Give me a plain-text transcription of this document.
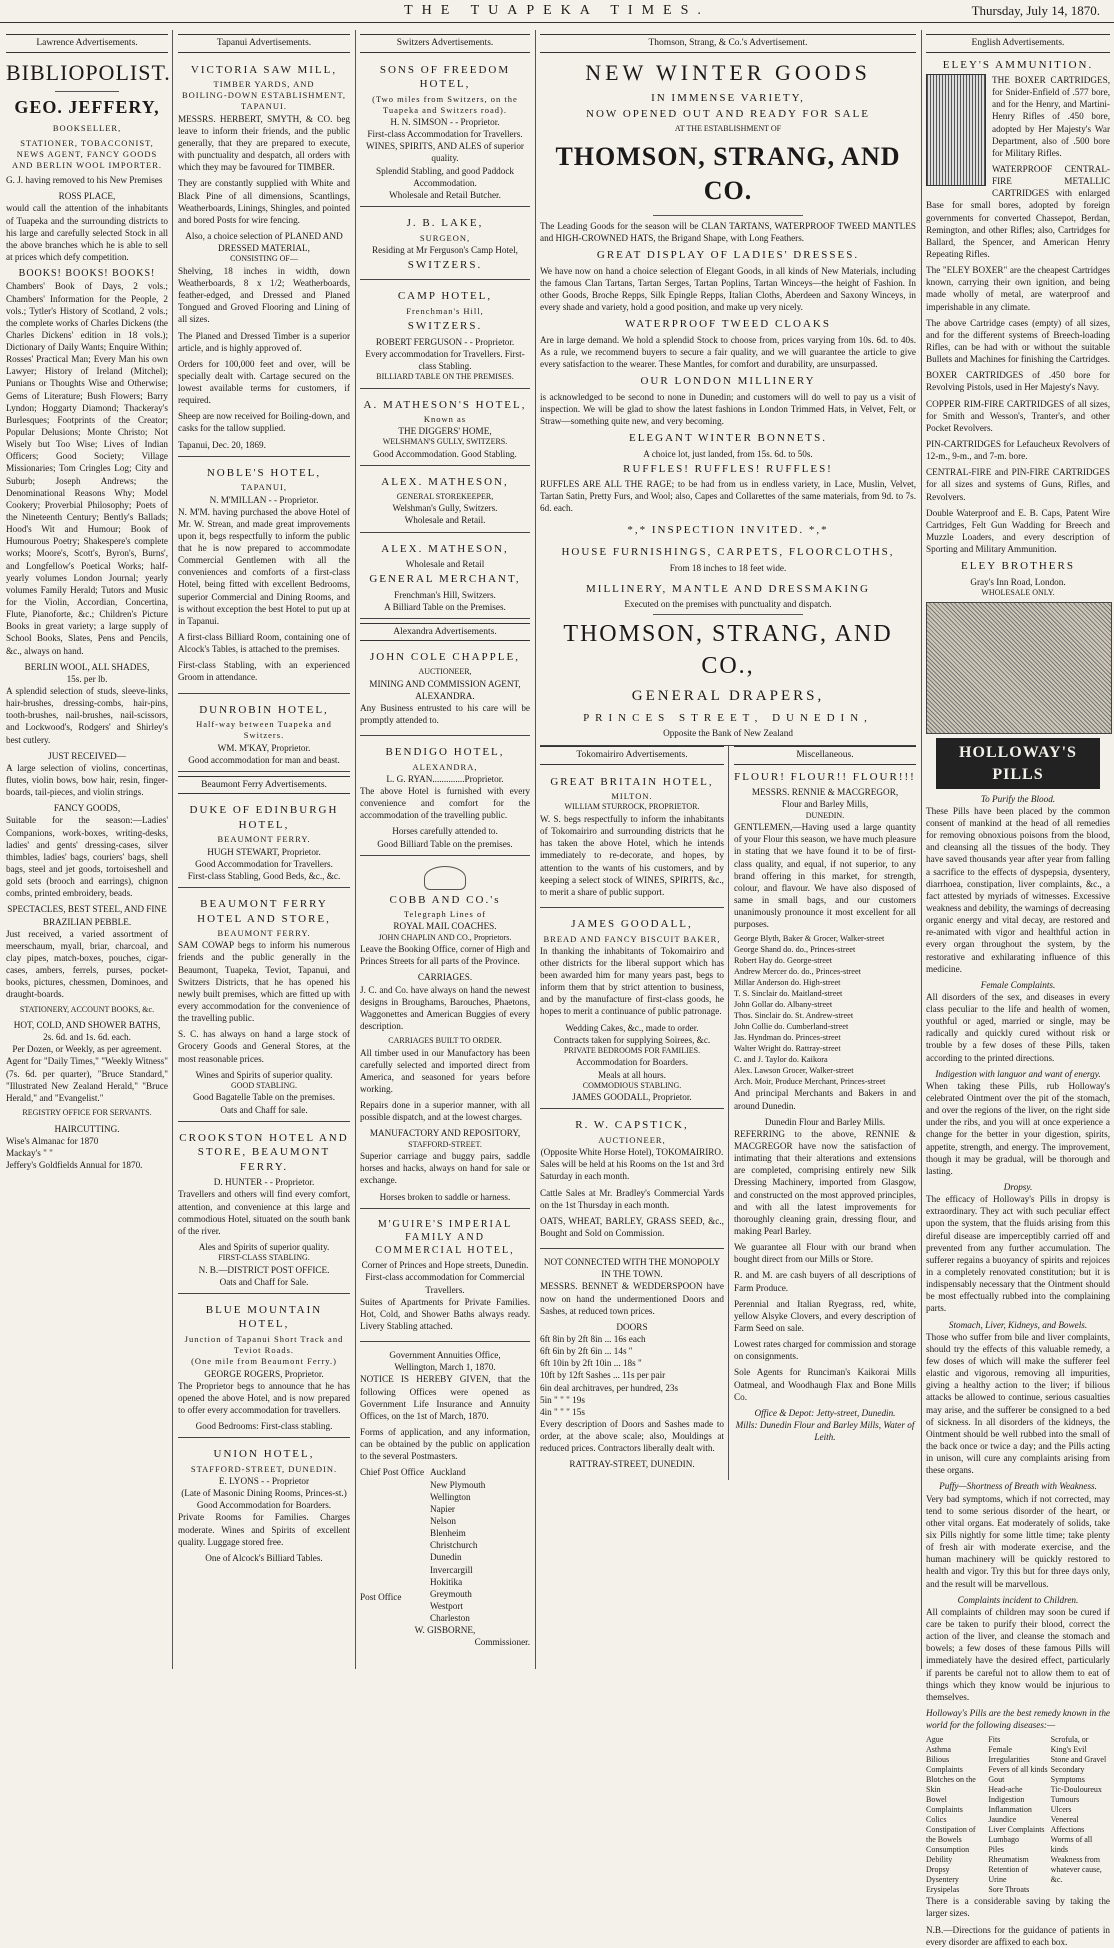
THE TUAPEKA TIMES.	Thursday, July 14, 1870.
Lawrence Advertisements.
BIBLIOPOLIST.
GEO. JEFFERY,
BOOKSELLER,
STATIONER, TOBACCONIST, NEWS AGENT, FANCY GOODS AND BERLIN WOOL IMPORTER.

G. J. having removed to his New Premises

ROSS PLACE,

would call the attention of the inhabitants of Tuapeka and the surrounding districts to his large and carefully selected Stock in all the above branches which he is able to sell at prices which defy competition.

BOOKS! BOOKS! BOOKS!

Chambers' Book of Days, 2 vols.; Chambers' Information for the People, 2 vols.; Tytler's History of Scotland, 2 vols.; the complete works of Charles Dickens (the Charles Dickens' edition in 18 vols.); Dictionary of Daily Wants; Enquire Within; Rosses' Practical Man; Every Man his own Lawyer; History of Ireland (Mitchel); Punians or Thoughts Wise and Otherwise; Gems of Literature; Bush Flowers; Barry Lyndon; Hoggarty Diamond; Thackeray's Burlesques; Footprints of the Creator; Popular Delusions; Monte Christo; Not Wisely but Too Wise; Lives of Indian Officers; Good Society; Village Missionaries; Tom Cringles Log; City and Suburb; Joseph Andrews; the Denominational Reasons Why; Model Cookery; Proverbial Philosophy; Poets of the Nineteenth Century; Bently's Ballads; Hood's Wit and Humour; Book of Humourous Poetry; Shakespere's complete works; Moore's, Scott's, Byron's, Burns', and Longfellow's Poetical Works; half-yearly volumes London Journal; yearly volumes Family Herald; Tutors and Music for the Violin, Accordian, Concertina, Flute, Pianoforte, &c.; Children's Picture Books in great variety; a large supply of School Books, Slates, Pens and Pencils, &c., always on hand.

BERLIN WOOL, ALL SHADES,
15s. per lb.

A splendid selection of studs, sleeve-links, hair-brushes, dressing-combs, hair-pins, tooth-brushes, nail-brushes, nail-scissors, and Lockwood's, Rodgers' and Shirley's best cutlery.

JUST RECEIVED—

A large selection of violins, concertinas, flutes, violin bows, bow hair, resin, finger-boards, tail-pieces, and violin strings.

FANCY GOODS,

Suitable for the season:—Ladies' Companions, work-boxes, writing-desks, ladies' and gents' dressing-cases, silver thimbles, ladies' bags, couriers' bags, shell bags, steel and jet goods, tortoiseshell and gold sets (brooch and earrings), chignon combs, printed embroidery, beads.

SPECTACLES, BEST STEEL, AND FINE BRAZILIAN PEBBLE.

Just received, a varied assortment of meerschaum, myall, briar, charcoal, and clay pipes, match-boxes, pouches, cigar-cases, ambers, ferrels, purses, pocket-books, pictures, chessmen, Dominoes, and draught-boards.

STATIONERY, ACCOUNT BOOKS, &c.
HOT, COLD, AND SHOWER BATHS,
2s. 6d. and 1s. 6d. each.
Per Dozen, or Weekly, as per agreement.

Agent for "Daily Times," "Weekly Witness" (7s. 6d. per quarter), "Bruce Standard," "Illustrated New Zealand Herald," "Bruce Herald," and "Evangelist."

REGISTRY OFFICE FOR SERVANTS.
HAIRCUTTING.
Wise's Almanac for 1870
Mackay's " "
Jeffery's Goldfields Annual for 1870.
Tapanui Advertisements.
VICTORIA SAW MILL,
TIMBER YARDS, AND
BOILING-DOWN ESTABLISHMENT, TAPANUI.

MESSRS. HERBERT, SMYTH, & CO. beg leave to inform their friends, and the public generally, that they are prepared to execute, with punctuality and despatch, all orders with which they may be favoured for TIMBER.

They are constantly supplied with White and Black Pine of all dimensions, Scantlings, Weatherboards, Linings, Shingles, and pointed and bored Posts for wire fencing.

Also, a choice selection of PLANED AND DRESSED MATERIAL,
CONSISTING OF—

Shelving, 18 inches in width, down Weatherboards, 8 x 1/2; Weatherboards, feather-edged, and Dressed and Planed Tongued and Groved Flooring and Lining of all sizes.

The Planed and Dressed Timber is a superior article, and is highly approved of.

Orders for 100,000 feet and over, will be specially dealt with. Cartage secured on the lowest available terms for customers, if required.

Sheep are now received for Boiling-down, and casks for the tallow supplied.

Tapanui, Dec. 20, 1869.
NOBLE'S HOTEL,
TAPANUI,
N. M'MILLAN - - Proprietor.

N. M'M. having purchased the above Hotel of Mr. W. Strean, and made great improvements upon it, begs respectfully to inform the public that he is now prepared to accommodate Commercial Gentlemen with all the conveniences and comforts of a first-class Hotel, being fitted with excellent Bedrooms, superior Commercial and Dining Rooms, and is without exception the best Hotel to put up at in Tapanui.

A first-class Billiard Room, containing one of Alcock's Tables, is attached to the premises.

First-class Stabling, with an experienced Groom in attendance.

DUNROBIN HOTEL,
Half-way between Tuapeka and Switzers.
WM. M'KAY, Proprietor.
Good accommodation for man and beast.
Beaumont Ferry Advertisements.
DUKE OF EDINBURGH HOTEL,
BEAUMONT FERRY.
HUGH STEWART, Proprietor.
Good Accommodation for Travellers.
First-class Stabling, Good Beds, &c., &c.
BEAUMONT FERRY HOTEL AND STORE,
BEAUMONT FERRY.

SAM COWAP begs to inform his numerous friends and the public generally in the Beaumont, Tuapeka, Teviot, Tapanui, and Switzers Districts, that he has opened his newly built premises, which are fitted up with every accommodation for the convenience of the travelling public.

S. C. has always on hand a large stock of Grocery Goods and General Stores, at the most reasonable prices.

Wines and Spirits of superior quality.
GOOD STABLING.
Good Bagatelle Table on the premises.
Oats and Chaff for sale.
CROOKSTON HOTEL AND STORE, BEAUMONT FERRY.
D. HUNTER - - Proprietor.

Travellers and others will find every comfort, attention, and convenience at this large and commodious Hotel, situated on the south bank of the river.

Ales and Spirits of superior quality.
FIRST-CLASS STABLING.
N. B.—DISTRICT POST OFFICE.
Oats and Chaff for Sale.
BLUE MOUNTAIN HOTEL,
Junction of Tapanui Short Track and Teviot Roads.
(One mile from Beaumont Ferry.)
GEORGE ROGERS, Proprietor.

The Proprietor begs to announce that he has opened the above Hotel, and is now prepared to offer every accommodation for travellers.

Good Bedrooms: First-class stabling.
UNION HOTEL,
STAFFORD-STREET, DUNEDIN.
E. LYONS - - Proprietor
(Late of Masonic Dining Rooms, Princes-st.)
Good Accommodation for Boarders.

Private Rooms for Families. Charges moderate. Wines and Spirits of excellent quality. Luggage stored free.

One of Alcock's Billiard Tables.
Switzers Advertisements.
SONS OF FREEDOM HOTEL,
(Two miles from Switzers, on the Tuapeka and Switzers road).
H. N. SIMSON - - Proprietor.
First-class Accommodation for Travellers.
WINES, SPIRITS, AND ALES of superior quality.
Splendid Stabling, and good Paddock Accommodation.
Wholesale and Retail Butcher.
J. B. LAKE,
SURGEON,
Residing at Mr Ferguson's Camp Hotel,
SWITZERS.
CAMP HOTEL,
Frenchman's Hill,
SWITZERS.
ROBERT FERGUSON - - Proprietor.
Every accommodation for Travellers. First-class Stabling.
BILLIARD TABLE ON THE PREMISES.
A. MATHESON'S HOTEL,
Known as
THE DIGGERS' HOME,
WELSHMAN'S GULLY, SWITZERS.
Good Accommodation. Good Stabling.
ALEX. MATHESON,
GENERAL STOREKEEPER,
Welshman's Gully, Switzers.
Wholesale and Retail.
ALEX. MATHESON,
Wholesale and Retail
GENERAL MERCHANT,
Frenchman's Hill, Switzers.
A Billiard Table on the Premises.
Alexandra Advertisements.
JOHN COLE CHAPPLE,
AUCTIONEER,
MINING AND COMMISSION AGENT,
ALEXANDRA.

Any Business entrusted to his care will be promptly attended to.

BENDIGO HOTEL,
ALEXANDRA,
L. G. RYAN..............Proprietor.

The above Hotel is furnished with every convenience and comfort for the accommodation of the travelling public.

Horses carefully attended to.
Good Billiard Table on the premises.
COBB AND CO.'s
Telegraph Lines of
ROYAL MAIL COACHES.
JOHN CHAPLIN AND CO., Proprietors.

Leave the Booking Office, corner of High and Princes Streets for all parts of the Province.

CARRIAGES.

J. C. and Co. have always on hand the newest designs in Broughams, Barouches, Phaetons, Waggonettes and American Buggies of every description.

CARRIAGES BUILT TO ORDER.

All timber used in our Manufactory has been carefully selected and imported direct from America, and seasoned for years before working.

Repairs done in a superior manner, with all possible dispatch, and at the lowest charges.

MANUFACTORY AND REPOSITORY,
STAFFORD-STREET.

Superior carriage and buggy pairs, saddle horses and hacks, always on hand for sale or exchange.

Horses broken to saddle or harness.
M'GUIRE'S IMPERIAL FAMILY AND COMMERCIAL HOTEL,
Corner of Princes and Hope streets, Dunedin.
First-class accommodation for Commercial Travellers.

Suites of Apartments for Private Families. Hot, Cold, and Shower Baths always ready. Livery Stabling attached.

Government Annuities Office,
Wellington, March 1, 1870.

NOTICE IS HEREBY GIVEN, that the following Offices were opened as Government Life Insurance and Annuity Offices, on the 1st of March, 1870.

Forms of application, and any information, can be obtained by the public on application to the several Postmasters.

Chief Post Office
Post Office
Auckland
New Plymouth
Wellington
Napier
Nelson
Blenheim
Christchurch
Dunedin
Invercargill
Hokitika
Greymouth
Westport
Charleston
W. GISBORNE,
Commissioner.
Thomson, Strang, & Co.'s Advertisement.
NEW WINTER GOODS
IN IMMENSE VARIETY,
NOW OPENED OUT AND READY FOR SALE
AT THE ESTABLISHMENT OF
THOMSON, STRANG, AND CO.

The Leading Goods for the season will be CLAN TARTANS, WATERPROOF TWEED MANTLES and HIGH-CROWNED HATS, the Brigand Shape, with Long Feathers.

GREAT DISPLAY OF LADIES' DRESSES.

We have now on hand a choice selection of Elegant Goods, in all kinds of New Materials, including the famous Clan Tartans, Tartan Serges, Tartan Poplins, Tartan Winceys—the height of Fashion. In other Goods, Broche Repps, Silk Epingle Repps, Italian Cloths, Aberdeen and Saxony Winceys, in every shade and variety, hold a good position, and make up very nicely.

WATERPROOF TWEED CLOAKS

Are in large demand. We hold a splendid Stock to choose from, prices varying from 10s. 6d. to 40s. As a rule, we recommend buyers to secure a fair quality, and we will guarantee the article to give every satisfaction to the wearer. These Mantles, for comfort and durability, are unsurpassed.

OUR LONDON MILLINERY

is acknowledged to be second to none in Dunedin; and customers will do well to pay us a visit of inspection. We will be glad to show the latest fashions in London Trimmed Hats, in Velvet, Felt, or Straw—something quite new, and very becoming.

ELEGANT WINTER BONNETS.
A choice lot, just landed, from 15s. 6d. to 50s.
RUFFLES! RUFFLES! RUFFLES!

RUFFLES ARE ALL THE RAGE; to be had from us in endless variety, in Lace, Muslin, Velvet, Tartan Satin, Pretty Furs, and Wool; also, Capes and Collarettes of the same materials, from 9d. to 7s. 6d. each.

*,* INSPECTION INVITED. *,*
HOUSE FURNISHINGS, CARPETS, FLOORCLOTHS,
From 18 inches to 18 feet wide.
MILLINERY, MANTLE AND DRESSMAKING
Executed on the premises with punctuality and dispatch.
THOMSON, STRANG, AND CO.,
GENERAL DRAPERS,
PRINCES STREET, DUNEDIN,
Opposite the Bank of New Zealand
Tokomairiro Advertisements.
GREAT BRITAIN HOTEL,
MILTON.
WILLIAM STURROCK, PROPRIETOR.

W. S. begs respectfully to inform the inhabitants of Tokomairiro and surrounding districts that he has taken the above Hotel, which he intends immediately to re-decorate, and hopes, by attention to the wants of his customers, and by keeping a select stock of WINES, SPIRITS, &c., to merit a share of public support.

JAMES GOODALL,
BREAD AND FANCY BISCUIT BAKER,

In thanking the inhabitants of Tokomairiro and other districts for the liberal support which has been awarded him for many years past, begs to inform them that by strict attention to business, and by the manufacture of first-class goods, he hopes to merit a continuance of public patronage.

Wedding Cakes, &c., made to order.
Contracts taken for supplying Soirees, &c.
PRIVATE BEDROOMS FOR FAMILIES.
Accommodation for Boarders.
Meals at all hours.
COMMODIOUS STABLING.
JAMES GOODALL, Proprietor.
R. W. CAPSTICK,
AUCTIONEER,
(Opposite White Horse Hotel), TOKOMAIRIRO.

Sales will be held at his Rooms on the 1st and 3rd Saturday in each month.

Cattle Sales at Mr. Bradley's Commercial Yards on the 1st Thursday in each month.

OATS, WHEAT, BARLEY, GRASS SEED, &c., Bought and Sold on Commission.

NOT CONNECTED WITH THE MONOPOLY IN THE TOWN.

MESSRS. BENNET & WEDDERSPOON have now on hand the undermentioned Doors and Sashes, at reduced town prices.

DOORS
6ft 8in by 2ft 8in ... 16s each
6ft 6in by 2ft 6in ... 14s "
6ft 10in by 2ft 10in ... 18s "
10ft by 12ft Sashes ... 11s per pair
6in deal architraves, per hundred, 23s
5in " " " 19s
4in " " " 15s

Every description of Doors and Sashes made to order, at the above scale; also, Mouldings at reduced prices. Contractors liberally dealt with.

RATTRAY-STREET, DUNEDIN.
Miscellaneous.
FLOUR! FLOUR!! FLOUR!!!
MESSRS. RENNIE & MACGREGOR,
Flour and Barley Mills,
DUNEDIN.

GENTLEMEN,—Having used a large quantity of your Flour this season, we have much pleasure in stating that we have found it to be of first-class quality, and equal, if not superior, to any brand offering in this market, for strength, colour, and flavour. We have also disposed of same in small bags, and our customers unanimously pronounce it most excellent for all purposes.

George Blyth, Baker & Grocer, Walker-street
George Shand do. do., Princes-street
Robert Hay do. George-street
Andrew Mercer do. do., Princes-street
Millar Anderson do. High-street
T. S. Sinclair do. Maitland-street
John Gollar do. Albany-street
Thos. Sinclair do. St. Andrew-street
John Collie do. Cumberland-street
Jas. Hyndman do. Princes-street
Walter Wright do. Rattray-street
C. and J. Taylor do. Kaikora
Alex. Lawson Grocer, Walker-street
Arch. Moir, Produce Merchant, Princes-street

And principal Merchants and Bakers in and around Dunedin.

Dunedin Flour and Barley Mills.

REFERRING to the above, RENNIE & MACGREGOR have now the satisfaction of intimating that their alterations and extensions are completed, comprising entirely new Silk Dressing Machinery, imported from Glasgow, and constructed on the most approved principles, and with all the latest improvements for thoroughly cleaning grain, dressing flour, and making Pearl Barley.

We guarantee all Flour with our brand when bought direct from our Mills or Store.

R. and M. are cash buyers of all descriptions of Farm Produce.

Perennial and Italian Ryegrass, red, white, yellow Alsyke Clovers, and every description of Farm Seed on sale.

Lowest rates charged for commission and storage on consignments.

Sole Agents for Runciman's Kaikorai Mills Oatmeal, and Woodhaugh Flax and Bone Mills Co.

Office & Depot: Jetty-street, Dunedin.
Mills: Dunedin Flour and Barley Mills, Water of Leith.
English Advertisements.
ELEY'S AMMUNITION.

THE BOXER CARTRIDGES, for Snider-Enfield of .577 bore, and for the Henry, and Martini-Henry Rifles of .450 bore, adopted by Her Majesty's War Department, also of .500 bore for Military Rifles.

WATERPROOF CENTRAL-FIRE METALLIC CARTRIDGES with enlarged Base for small bores, adopted by foreign governments for converted Chassepot, Berdan, Remington, and other Rifles; also, Cartridges for Ballard, the Spencer, and American Henry Repeating Rifles.

The "ELEY BOXER" are the cheapest Cartridges known, carrying their own ignition, and being made wholly of metal, are waterproof and imperishable in any climate.

The above Cartridge cases (empty) of all sizes, and for the different systems of Breech-loading Rifles, can be had with or without the suitable Bullets and Machines for finishing the Cartridges.

BOXER CARTRIDGES of .450 bore for Revolving Pistols, used in Her Majesty's Navy.

COPPER RIM-FIRE CARTRIDGES of all sizes, for Smith and Wesson's, Tranter's, and other Pocket Revolvers.

PIN-CARTRIDGES for Lefaucheux Revolvers of 12-m., 9-m., and 7-m. bore.

CENTRAL-FIRE and PIN-FIRE CARTRIDGES for all sizes and systems of Guns, Rifles, and Revolvers.

Double Waterproof and E. B. Caps, Patent Wire Cartridges, Felt Gun Wadding for Breech and Muzzle Loaders, and every description of Sporting and Military Ammunition.

ELEY BROTHERS
Gray's Inn Road, London.
WHOLESALE ONLY.
HOLLOWAY'S PILLS
To Purify the Blood.

These Pills have been placed by the common consent of mankind at the head of all remedies for removing obnoxious poisons from the blood, and cleansing all the tissues of the body. They have saved thousands year after year from falling a sacrifice to the effects of dyspepsia, dysentery, diarrhoea, constipation, liver complaints, &c., a fact attested by myriads of witnesses. Excessive weakness and debility, the warnings of decreasing organic energy and vital decay, are restored and re-animated with vigor and healthful action in every organ throughout the system, by the restorative and exhilarating influence of this medicine.

Female Complaints.

All disorders of the sex, and diseases in every class peculiar to the life and health of women, youthful or aged, married or single, may be radically and quickly cured without risk or trouble by a few doses of these Pills, taken according to the printed directions.

Indigestion with languor and want of energy.

When taking these Pills, rub Holloway's celebrated Ointment over the pit of the stomach, and over the regions of the liver, on the right side under the ribs, and you will at once experience a change for the better in your digestion, spirits, appetite, strength, and energy. The improvement, though it may be gradual, will be thorough and lasting.

Dropsy.

The efficacy of Holloway's Pills in dropsy is extraordinary. They act with such peculiar effect upon the system, that the fluids arising from this direful disease are imperceptibly carried off and prevented from any further accumulation. The sufferer regains a buoyancy of spirits and rejoices in a completely renovated constitution; but it is indispensably necessary that the Ointment should be most effectually rubbed into the complaining parts.

Stomach, Liver, Kidneys, and Bowels.

Those who suffer from bile and liver complaints, should try the effects of this valuable remedy, a few doses of which will make the sufferer feel elastic and vigorous, removing all impurities, giving a healthy action to the liver; if bilious attacks be allowed to continue, serious casualties may arise, and the sufferer be consigned to a bed of sickness. In all disorders of the kidneys, the Ointment should be well rubbed into the small of the back once or twice a day; and the Pills acting in unison, will cure any complaints arising from these organs.

Puffy—Shortness of Breath with Weakness.

Very bad symptoms, which if not corrected, may tend to some serious disorder of the heart, or other vital organs. Eat moderately of solids, take six Pills nightly for some little time; take plenty of fresh air with moderate exercise, and the human machinery will be quickly restored to health and vigor. Try this but for three days only, and the result will be marvellous.

Complaints incident to Children.

All complaints of children may soon be cured if care be taken to purify their blood, correct the action of the liver, and cleanse the stomach and bowels; a few doses of these famous Pills will immediately have the desired effect, particularly if parents be careful not to allow them to eat of things which they know would be injurious to themselves.

Holloway's Pills are the best remedy known in the world for the following diseases:—

Ague
Asthma
Bilious Complaints
Blotches on the Skin
Bowel Complaints
Colics
Constipation of the Bowels
Consumption
Debility
Dropsy
Dysentery
Erysipelas
Fits
Female Irregularities
Fevers of all kinds
Gout
Head-ache
Indigestion
Inflammation
Jaundice
Liver Complaints
Lumbago
Piles
Rheumatism
Retention of Urine
Sore Throats
Scrofula, or King's Evil
Stone and Gravel
Secondary Symptoms
Tic-Douloureux
Tumours
Ulcers
Venereal Affections
Worms of all kinds
Weakness from whatever cause, &c.

There is a considerable saving by taking the larger sizes.

N.B.—Directions for the guidance of patients in every disorder are affixed to each box.
